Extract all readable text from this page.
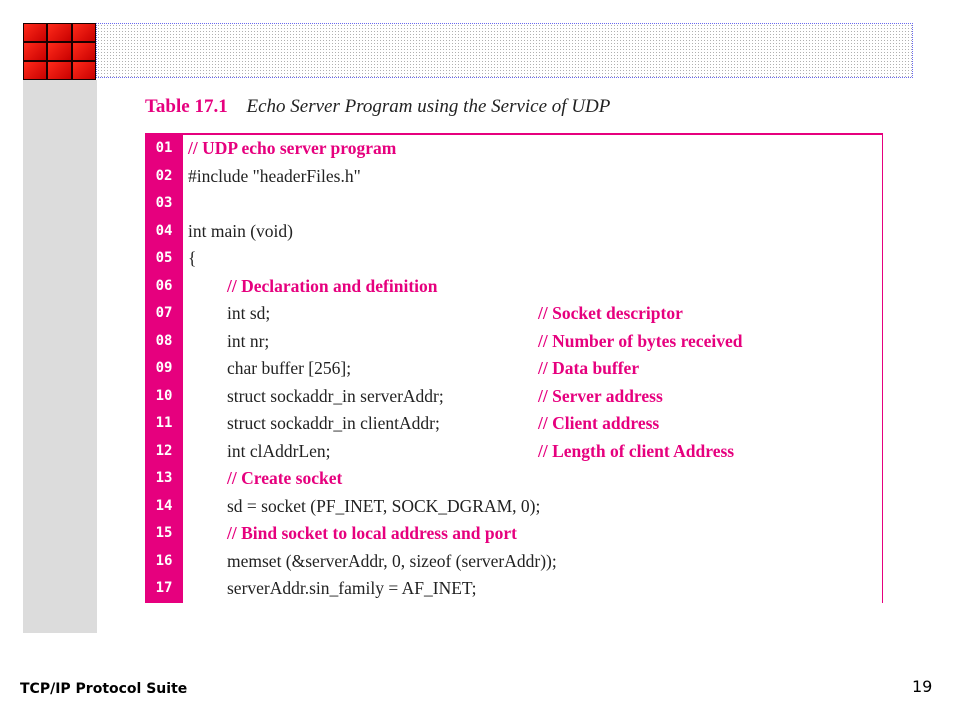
Table 17.1 Echo Server Program using the Service of UDP
01 // UDP echo server program
02 #include "headerFiles.h"
03
04 int main (void)
05 {
06	// Declaration and definition
07	int sd;	// Socket descriptor
08	int nr;	// Number of bytes received
09	char buffer [256];	// Data buffer
10	struct sockaddr_in serverAddr;	// Server address
11	struct sockaddr_in clientAddr;	// Client address
12	int clAddrLen;	// Length of client Address
13	// Create socket
14	sd = socket (PF_INET, SOCK_DGRAM, 0);
15	// Bind socket to local address and port
16	memset (&serverAddr, 0, sizeof (serverAddr));
17	serverAddr.sin_family = AF_INET;
TCP/IP Protocol Suite	19
